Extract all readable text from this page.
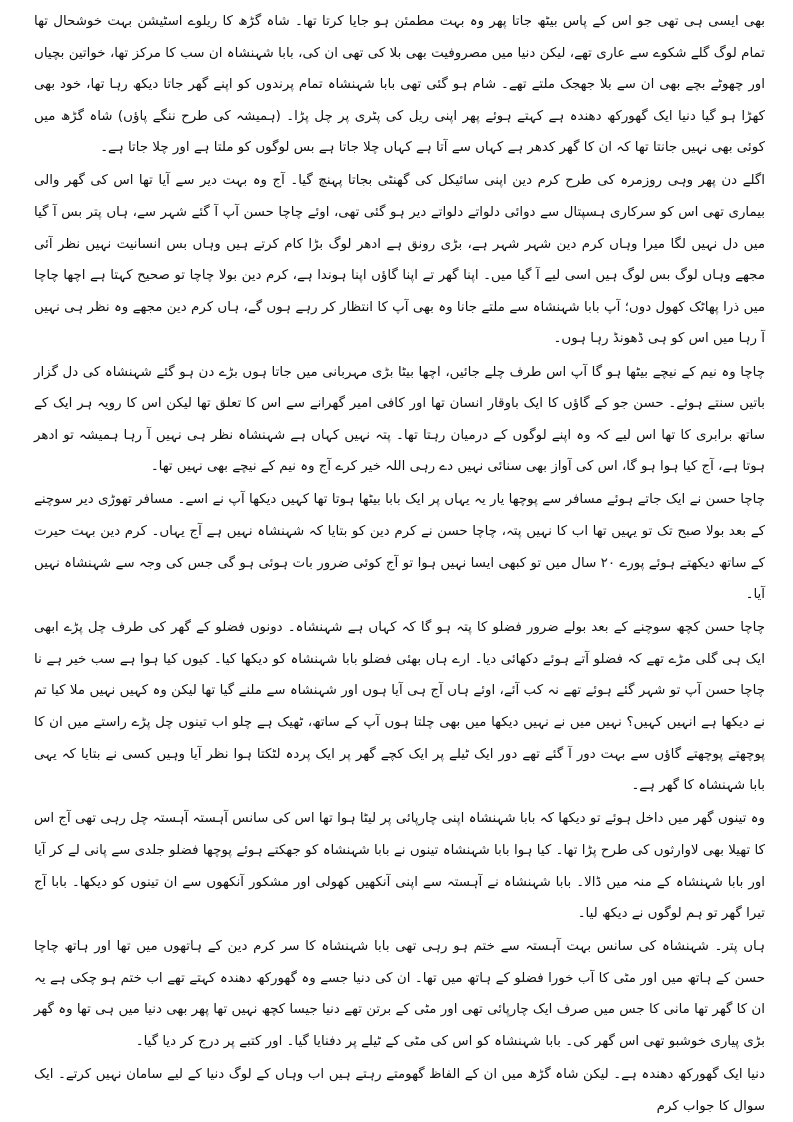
بھی ایسی ہی تھی جو اس کے پاس بیٹھ جاتا پھر وہ بہت مطمئن ہو جایا کرتا تھا۔ شاہ گڑھ کا ریلوے اسٹیشن بہت خوشحال تھا تمام لوگ گلے شکوے سے عاری تھے، لیکن دنیا میں مصروفیت بھی بلا کی تھی ان کی، بابا شہنشاہ ان سب کا مرکز تھا، خواتین بچیاں اور چھوٹے بچے بھی ان سے بلا جھجک ملتے تھے۔ شام ہو گئی تھی بابا شہنشاہ تمام پرندوں کو اپنے گھر جاتا دیکھ رہا تھا، خود بھی کھڑا ہو گیا دنیا ایک گھورکھ دھندہ ہے کہتے ہوئے پھر اپنی ریل کی پٹری پر چل پڑا۔ (ہمیشہ کی طرح ننگے پاؤں) شاہ گڑھ میں کوئی بھی نہیں جانتا تھا کہ ان کا گھر کدھر ہے کہاں سے آتا ہے کہاں چلا جاتا ہے بس لوگوں کو ملتا ہے اور چلا جاتا ہے۔

اگلے دن پھر وہی روزمرہ کی طرح کرم دین اپنی سائیکل کی گھنٹی بجاتا پہنچ گیا۔ آج وہ بہت دیر سے آیا تھا اس کی گھر والی بیماری تھی اس کو سرکاری ہسپتال سے دوائی دلواتے دلواتے دیر ہو گئی تھی، اوئے چاچا حسن آپ آ گئے شہر سے، ہاں پتر بس آ گیا میں دل نہیں لگا میرا وہاں کرم دین شہر شہر ہے، بڑی رونق ہے ادھر لوگ بڑا کام کرتے ہیں وہاں بس انسانیت نہیں نظر آئی مجھے وہاں لوگ بس لوگ ہیں اسی لیے آ گیا میں۔ اپنا گھر تے اپنا گاؤں اپنا ہوندا ہے، کرم دین بولا چاچا تو صحیح کہتا ہے اچھا چاچا میں ذرا پھاٹک کھول دوں؛ آپ بابا شہنشاہ سے ملتے جانا وہ بھی آپ کا انتظار کر رہے ہوں گے، ہاں کرم دین مجھے وہ نظر ہی نہیں آ رہا میں اس کو ہی ڈھونڈ رہا ہوں۔

چاچا وہ نیم کے نیچے بیٹھا ہو گا آپ اس طرف چلے جائیں، اچھا بیٹا بڑی مہربانی میں جاتا ہوں بڑے دن ہو گئے شہنشاہ کی دل گزار باتیں سنتے ہوئے۔ حسن جو کے گاؤں کا ایک باوقار انسان تھا اور کافی امیر گھرانے سے اس کا تعلق تھا لیکن اس کا رویہ ہر ایک کے ساتھ برابری کا تھا اس لیے کہ وہ اپنے لوگوں کے درمیان رہتا تھا۔ پتہ نہیں کہاں ہے شہنشاہ نظر ہی نہیں آ رہا ہمیشہ تو ادھر ہوتا ہے، آج کیا ہوا ہو گا، اس کی آواز بھی سنائی نہیں دے رہی اللہ خیر کرے آج وہ نیم کے نیچے بھی نہیں تھا۔

چاچا حسن نے ایک جاتے ہوئے مسافر سے پوچھا یار یہ یہاں پر ایک بابا بیٹھا ہوتا تھا کہیں دیکھا آپ نے اسے۔ مسافر تھوڑی دیر سوچنے کے بعد بولا صبح تک تو یہیں تھا اب کا نہیں پتہ، چاچا حسن نے کرم دین کو بتایا کہ شہنشاہ نہیں ہے آج یہاں۔ کرم دین بہت حیرت کے ساتھ دیکھتے ہوئے پورے ۲۰ سال میں تو کبھی ایسا نہیں ہوا تو آج کوئی ضرور بات ہوئی ہو گی جس کی وجہ سے شہنشاہ نہیں آیا۔

چاچا حسن کچھ سوچنے کے بعد بولے ضرور فضلو کا پتہ ہو گا کہ کہاں ہے شہنشاہ۔ دونوں فضلو کے گھر کی طرف چل پڑے ابھی ایک ہی گلی مڑے تھے کہ فضلو آتے ہوئے دکھائی دیا۔ ارے ہاں بھئی فضلو بابا شہنشاہ کو دیکھا کیا۔ کیوں کیا ہوا ہے سب خیر ہے نا چاچا حسن آپ تو شہر گئے ہوئے تھے نہ کب آئے، اوئے ہاں آج ہی آیا ہوں اور شہنشاہ سے ملنے گیا تھا لیکن وہ کہیں نہیں ملا کیا تم نے دیکھا ہے انہیں کہیں؟ نہیں میں نے نہیں دیکھا میں بھی چلتا ہوں آپ کے ساتھ، ٹھیک ہے چلو اب تینوں چل پڑے راستے میں ان کا پوچھتے پوچھتے گاؤں سے بہت دور آ گئے تھے دور ایک ٹیلے پر ایک کچے گھر پر ایک پردہ لٹکتا ہوا نظر آیا وہیں کسی نے بتایا کہ یہی بابا شہنشاہ کا گھر ہے۔

وہ تینوں گھر میں داخل ہوئے تو دیکھا کہ بابا شہنشاہ اپنی چارپائی پر لیٹا ہوا تھا اس کی سانس آہستہ آہستہ چل رہی تھی آج اس کا تھیلا بھی لاوارثوں کی طرح پڑا تھا۔ کیا ہوا بابا شہنشاہ تینوں نے بابا شہنشاہ کو جھکتے ہوئے پوچھا فضلو جلدی سے پانی لے کر آیا اور بابا شہنشاہ کے منہ میں ڈالا۔ بابا شہنشاہ نے آہستہ سے اپنی آنکھیں کھولی اور مشکور آنکھوں سے ان تینوں کو دیکھا۔ بابا آج تیرا گھر تو ہم لوگوں نے دیکھ لیا۔

ہاں پتر۔ شہنشاہ کی سانس بہت آہستہ سے ختم ہو رہی تھی بابا شہنشاہ کا سر کرم دین کے ہاتھوں میں تھا اور ہاتھ چاچا حسن کے ہاتھ میں اور مٹی کا آب خورا فضلو کے ہاتھ میں تھا۔ ان کی دنیا جسے وہ گھورکھ دھندہ کہتے تھے اب ختم ہو چکی ہے یہ ان کا گھر تھا مانی کا جس میں صرف ایک چارپائی تھی اور مٹی کے برتن تھے دنیا جیسا کچھ نہیں تھا پھر بھی دنیا میں ہی تھا وہ گھر بڑی پیاری خوشبو تھی اس گھر کی۔ بابا شہنشاہ کو اس کی مٹی کے ٹیلے پر دفنایا گیا۔ اور کتبے پر درج کر دیا گیا۔

دنیا ایک گھورکھ دھندہ ہے۔ لیکن شاہ گڑھ میں ان کے الفاظ گھومتے رہتے ہیں اب وہاں کے لوگ دنیا کے لیے سامان نہیں کرتے۔ ایک سوال کا جواب کرم
